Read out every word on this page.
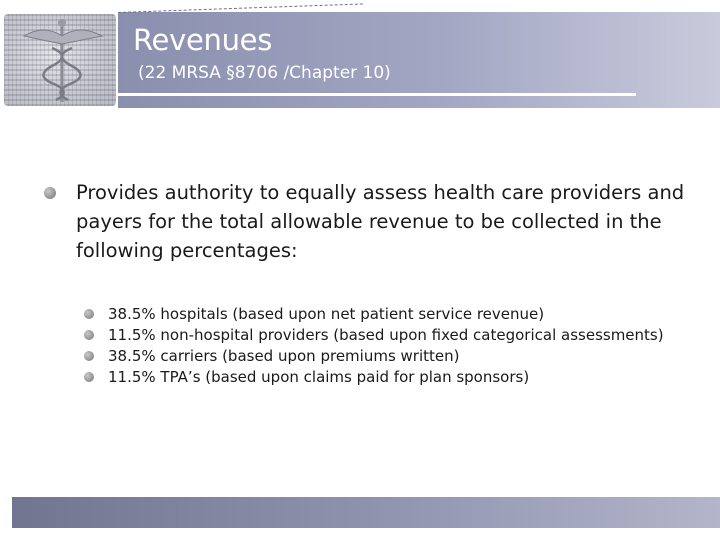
Revenues
(22 MRSA §8706 /Chapter 10)
Provides authority to equally assess health care providers and payers for the total allowable revenue to be collected in the following percentages:
38.5% hospitals (based upon net patient service revenue)
11.5% non-hospital providers (based upon fixed categorical assessments)
38.5% carriers (based upon premiums written)
11.5% TPA’s (based upon claims paid for plan sponsors)
